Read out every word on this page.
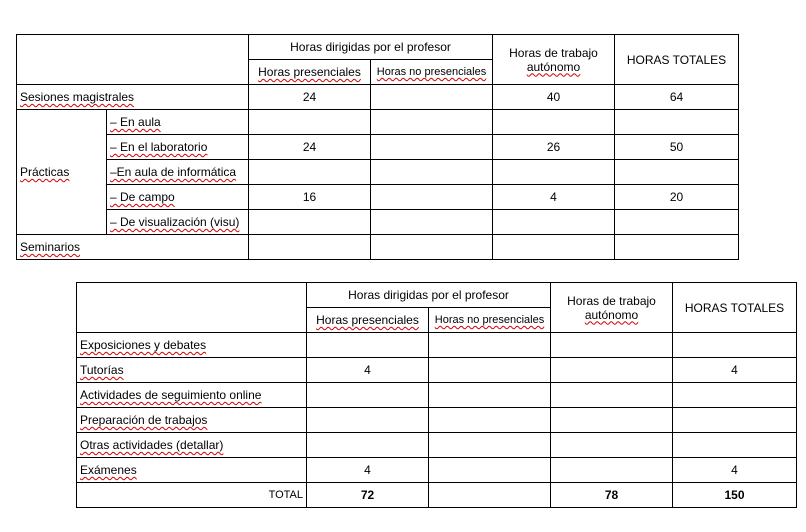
		Horas dirigidas por el profesor		Horas de trabajo
autónomo	HORAS TOTALES
		Horas presenciales	Horas no presenciales		
Sesiones magistrales		24		40	64
Prácticas	– En aula				
	– En el laboratorio	24		26	50
	–En aula de informática				
	– De campo	16		4	20
	– De visualización (visu)				
Seminarios					
	Horas dirigidas por el profesor		Horas de trabajo
autónomo	HORAS TOTALES
	Horas presenciales	Horas no presenciales		
Exposiciones y debates				
Tutorías	4			4
Actividades de seguimiento online				
Preparación de trabajos				
Otras actividades (detallar)				
Exámenes	4			4
TOTAL	72		78	150
